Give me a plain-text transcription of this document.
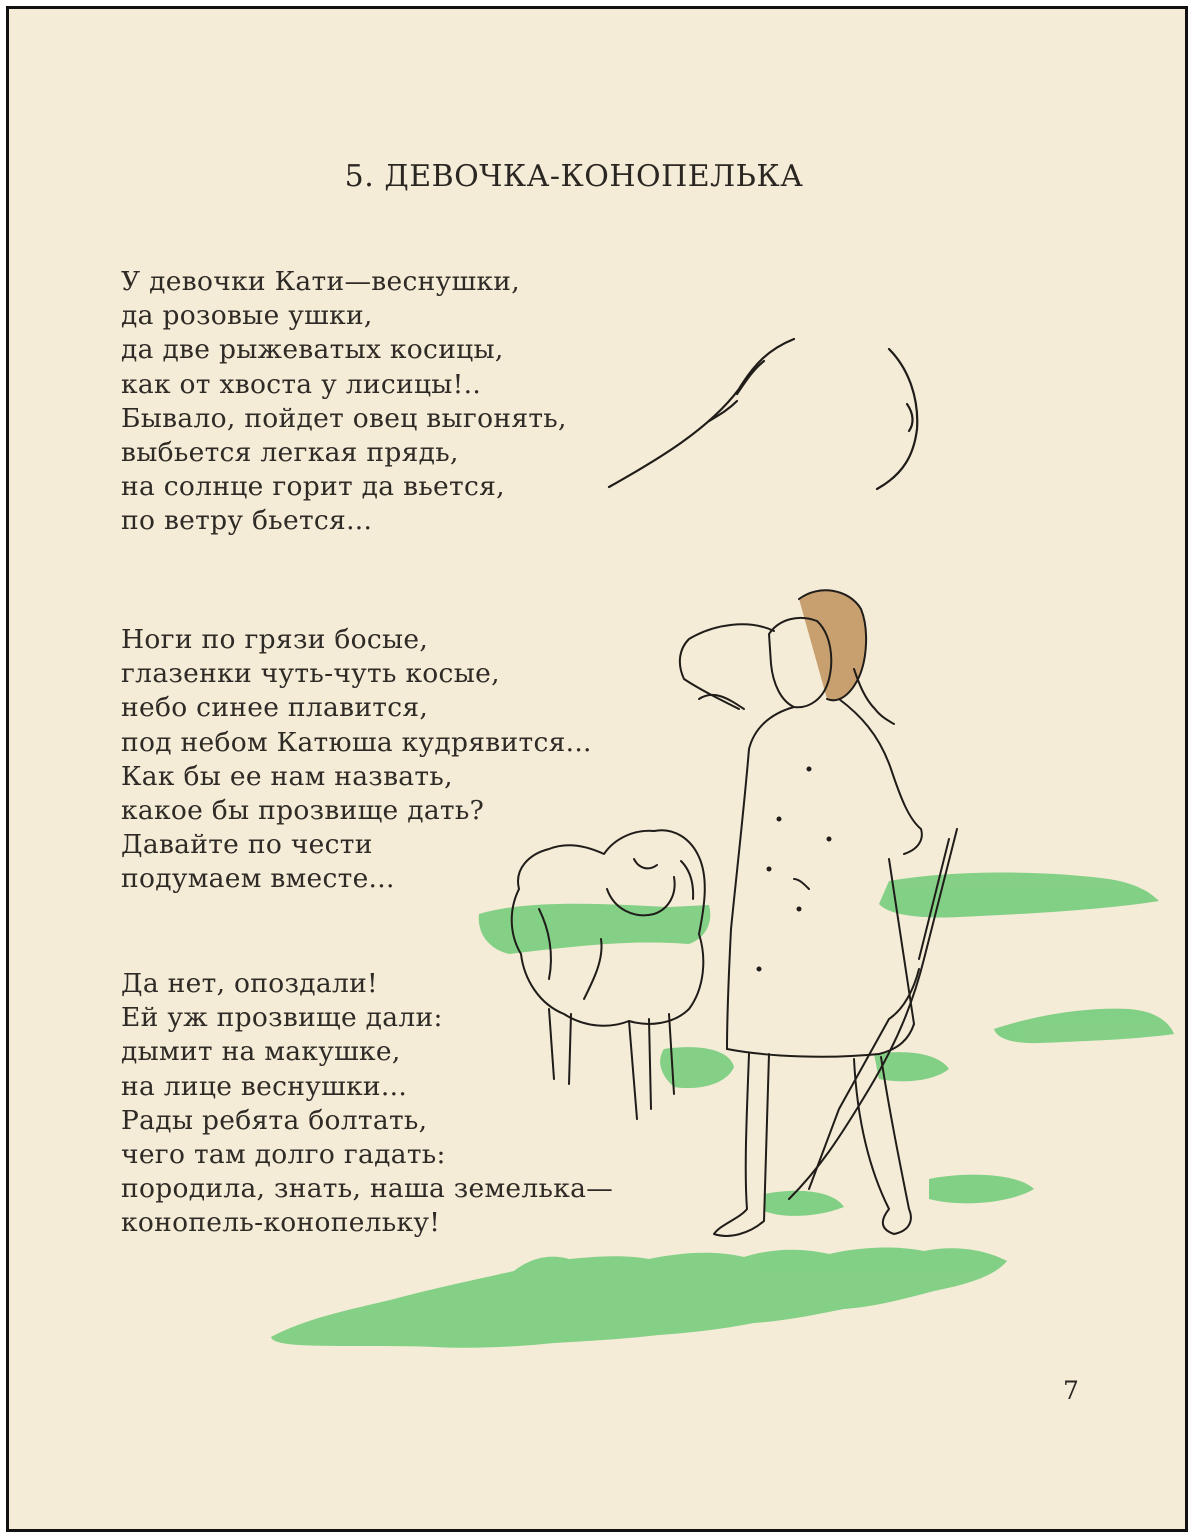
5. ДЕВОЧКА-КОНОПЕЛЬКА
У девочки Кати—веснушки,
да розовые ушки,
да две рыжеватых косицы,
как от хвоста у лисицы!..
Бывало, пойдет овец выгонять,
выбьется легкая прядь,
на солнце горит да вьется,
по ветру бьется...
Ноги по грязи босые,
глазенки чуть-чуть косые,
небо синее плавится,
под небом Катюша кудрявится...
Как бы ее нам назвать,
какое бы прозвище дать?
Давайте по чести
подумаем вместе...
Да нет, опоздали!
Ей уж прозвище дали:
дымит на макушке,
на лице веснушки...
Рады ребята болтать,
чего там долго гадать:
породила, знать, наша земелька—
конопель-конопельку!
7
